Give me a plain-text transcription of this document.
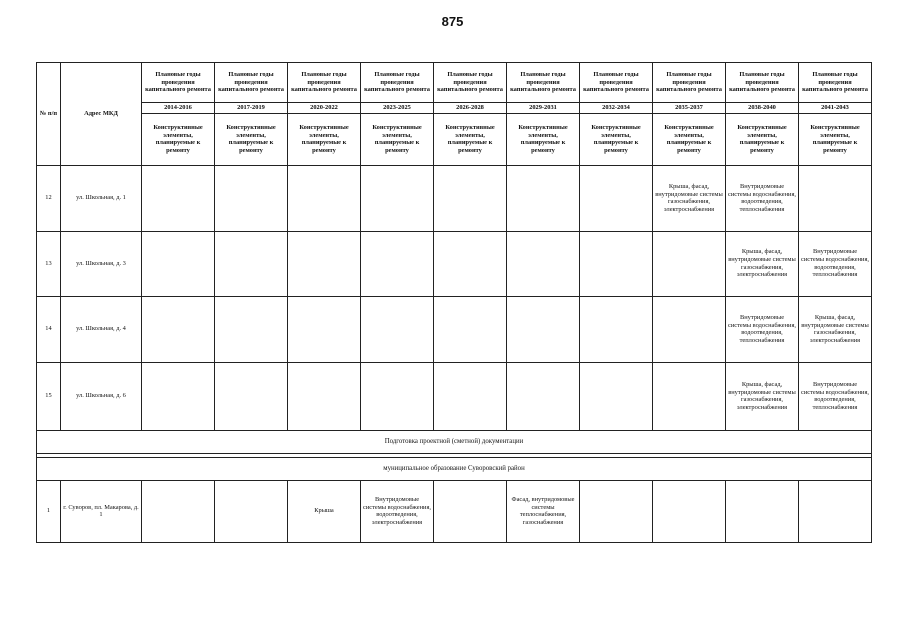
875
№ п/п	Адрес МКД	Плановые годы проведения капитального ремонта	Плановые годы проведения капитального ремонта	Плановые годы проведения капитального ремонта	Плановые годы проведения капитального ремонта	Плановые годы проведения капитального ремонта	Плановые годы проведения капитального ремонта	Плановые годы проведения капитального ремонта	Плановые годы проведения капитального ремонта	Плановые годы проведения капитального ремонта	Плановые годы проведения капитального ремонта
		2014-2016	2017-2019	2020-2022	2023-2025	2026-2028	2029-2031	2032-2034	2035-2037	2038-2040	2041-2043
		Конструктивные элементы, планируемые к ремонту	Конструктивные элементы, планируемые к ремонту	Конструктивные элементы, планируемые к ремонту	Конструктивные элементы, планируемые к ремонту	Конструктивные элементы, планируемые к ремонту	Конструктивные элементы, планируемые к ремонту	Конструктивные элементы, планируемые к ремонту	Конструктивные элементы, планируемые к ремонту	Конструктивные элементы, планируемые к ремонту	Конструктивные элементы, планируемые к ремонту
12	ул. Школьная, д. 1								Крыша, фасад, внутридомовые системы газоснабжения, электроснабжения	Внутридомовые системы водоснабжения, водоотведения, теплоснабжения	
13	ул. Школьная, д. 3									Крыша, фасад, внутридомовые системы газоснабжения, электроснабжения	Внутридомовые системы водоснабжения, водоотведения, теплоснабжения
14	ул. Школьная, д. 4									Внутридомовые системы водоснабжения, водоотведения, теплоснабжения	Крыша, фасад, внутридомовые системы газоснабжения, электроснабжения
15	ул. Школьная, д. 6									Крыша, фасад, внутридомовые системы газоснабжения, электроснабжения	Внутридомовые системы водоснабжения, водоотведения, теплоснабжения
Подготовка проектной (сметной) документации											

муниципальное образование Суворовский район											
1	г. Суворов, пл. Макарова, д. 1			Крыша	Внутридомовые системы водоснабжения, водоотведения, электроснабжения		Фасад, внутридомовые системы теплоснабжения, газоснабжения				
